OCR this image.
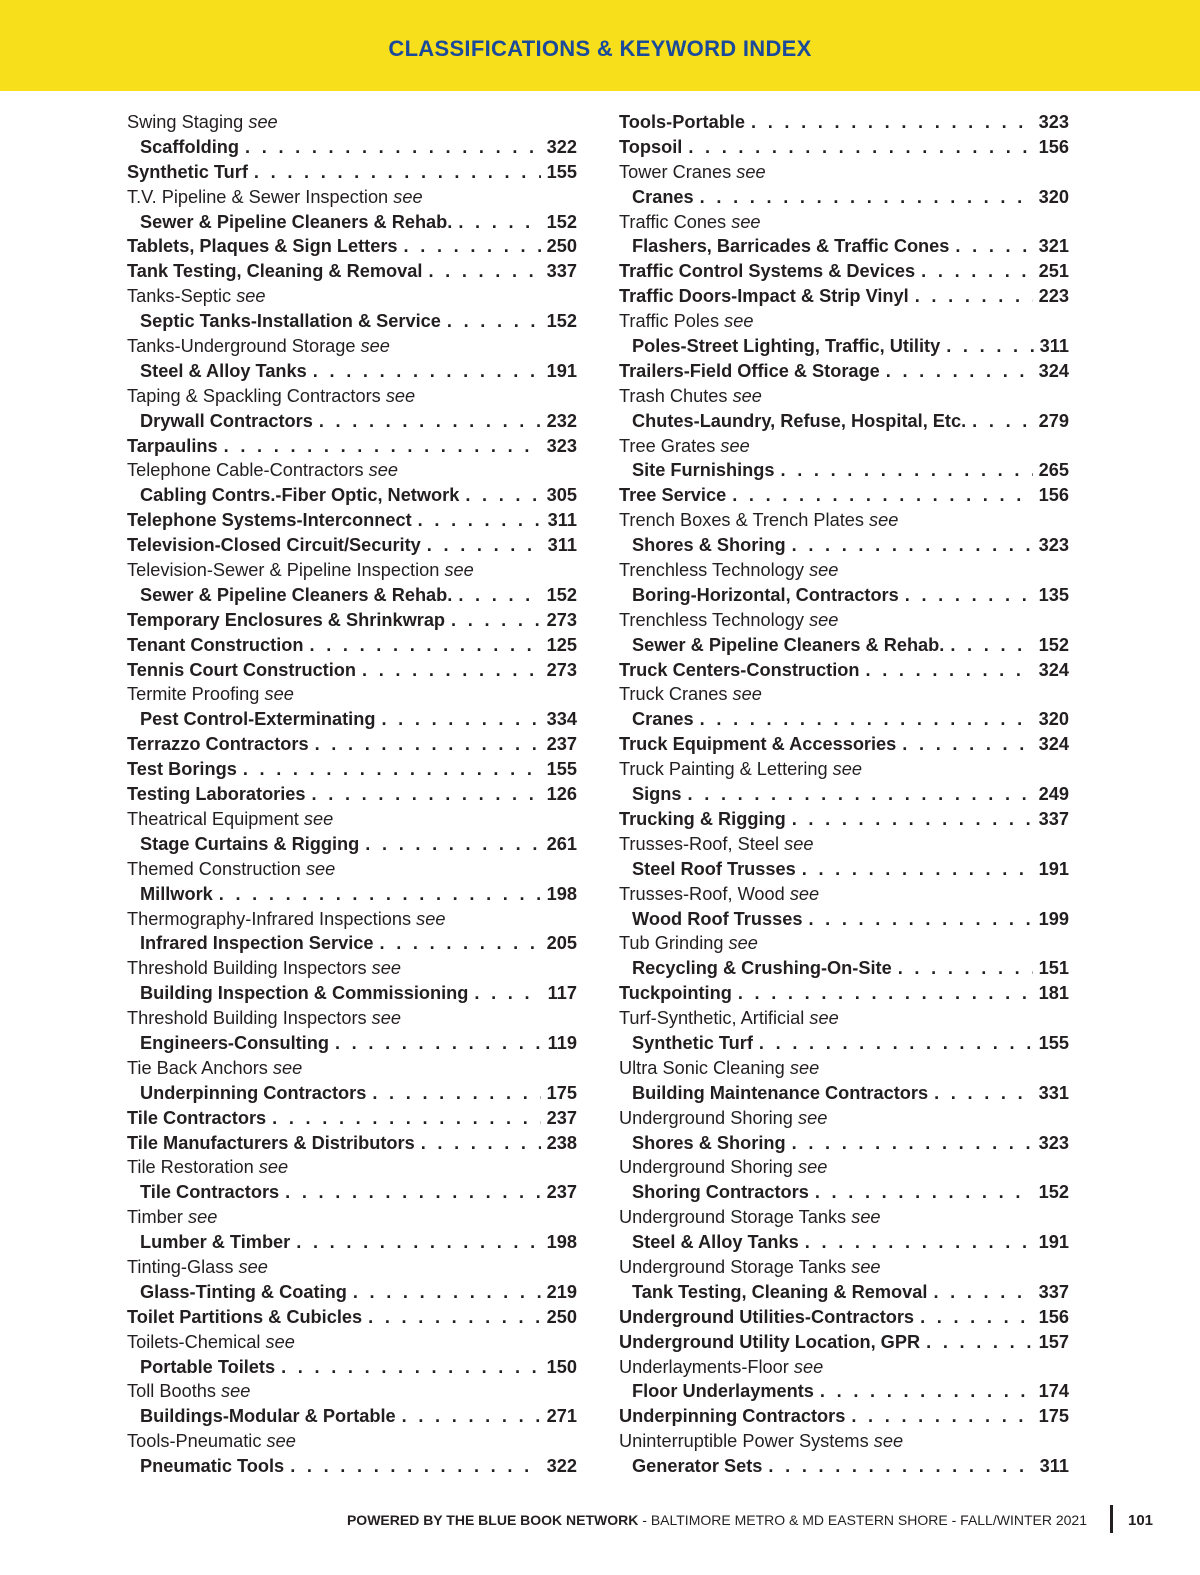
CLASSIFICATIONS & KEYWORD INDEX
Swing Staging see
Scaffolding . . .	322
Synthetic Turf . . .	155
T.V. Pipeline & Sewer Inspection see
Sewer & Pipeline Cleaners & Rehab. . . .	152
Tablets, Plaques & Sign Letters . . .	250
Tank Testing, Cleaning & Removal . . .	337
Tanks-Septic see
Septic Tanks-Installation & Service . . .	152
Tanks-Underground Storage see
Steel & Alloy Tanks . . .	191
Taping & Spackling Contractors see
Drywall Contractors . . .	232
Tarpaulins . . .	323
Telephone Cable-Contractors see
Cabling Contrs.-Fiber Optic, Network . . .	305
Telephone Systems-Interconnect . . .	311
Television-Closed Circuit/Security . . .	311
Television-Sewer & Pipeline Inspection see
Sewer & Pipeline Cleaners & Rehab. . . .	152
Temporary Enclosures & Shrinkwrap . . .	273
Tenant Construction . . .	125
Tennis Court Construction . . .	273
Termite Proofing see
Pest Control-Exterminating . . .	334
Terrazzo Contractors . . .	237
Test Borings . . .	155
Testing Laboratories . . .	126
Theatrical Equipment see
Stage Curtains & Rigging . . .	261
Themed Construction see
Millwork . . .	198
Thermography-Infrared Inspections see
Infrared Inspection Service . . .	205
Threshold Building Inspectors see
Building Inspection & Commissioning . . .	117
Threshold Building Inspectors see
Engineers-Consulting . . .	119
Tie Back Anchors see
Underpinning Contractors . . .	175
Tile Contractors . . .	237
Tile Manufacturers & Distributors . . .	238
Tile Restoration see
Tile Contractors . . .	237
Timber see
Lumber & Timber . . .	198
Tinting-Glass see
Glass-Tinting & Coating . . .	219
Toilet Partitions & Cubicles . . .	250
Toilets-Chemical see
Portable Toilets . . .	150
Toll Booths see
Buildings-Modular & Portable . . .	271
Tools-Pneumatic see
Pneumatic Tools . . .	322
Tools-Portable . . .	323
Topsoil . . .	156
Tower Cranes see
Cranes . . .	320
Traffic Cones see
Flashers, Barricades & Traffic Cones . . .	321
Traffic Control Systems & Devices . . .	251
Traffic Doors-Impact & Strip Vinyl . . .	223
Traffic Poles see
Poles-Street Lighting, Traffic, Utility . . .	311
Trailers-Field Office & Storage . . .	324
Trash Chutes see
Chutes-Laundry, Refuse, Hospital, Etc. . . .	279
Tree Grates see
Site Furnishings . . .	265
Tree Service . . .	156
Trench Boxes & Trench Plates see
Shores & Shoring . . .	323
Trenchless Technology see
Boring-Horizontal, Contractors . . .	135
Trenchless Technology see
Sewer & Pipeline Cleaners & Rehab. . . .	152
Truck Centers-Construction . . .	324
Truck Cranes see
Cranes . . .	320
Truck Equipment & Accessories . . .	324
Truck Painting & Lettering see
Signs . . .	249
Trucking & Rigging . . .	337
Trusses-Roof, Steel see
Steel Roof Trusses . . .	191
Trusses-Roof, Wood see
Wood Roof Trusses . . .	199
Tub Grinding see
Recycling & Crushing-On-Site . . .	151
Tuckpointing . . .	181
Turf-Synthetic, Artificial see
Synthetic Turf . . .	155
Ultra Sonic Cleaning see
Building Maintenance Contractors . . .	331
Underground Shoring see
Shores & Shoring . . .	323
Underground Shoring see
Shoring Contractors . . .	152
Underground Storage Tanks see
Steel & Alloy Tanks . . .	191
Underground Storage Tanks see
Tank Testing, Cleaning & Removal . . .	337
Underground Utilities-Contractors . . .	156
Underground Utility Location, GPR . . .	157
Underlayments-Floor see
Floor Underlayments . . .	174
Underpinning Contractors . . .	175
Uninterruptible Power Systems see
Generator Sets . . .	311
POWERED BY THE BLUE BOOK NETWORK - BALTIMORE METRO & MD EASTERN SHORE - FALL/WINTER 2021	101
